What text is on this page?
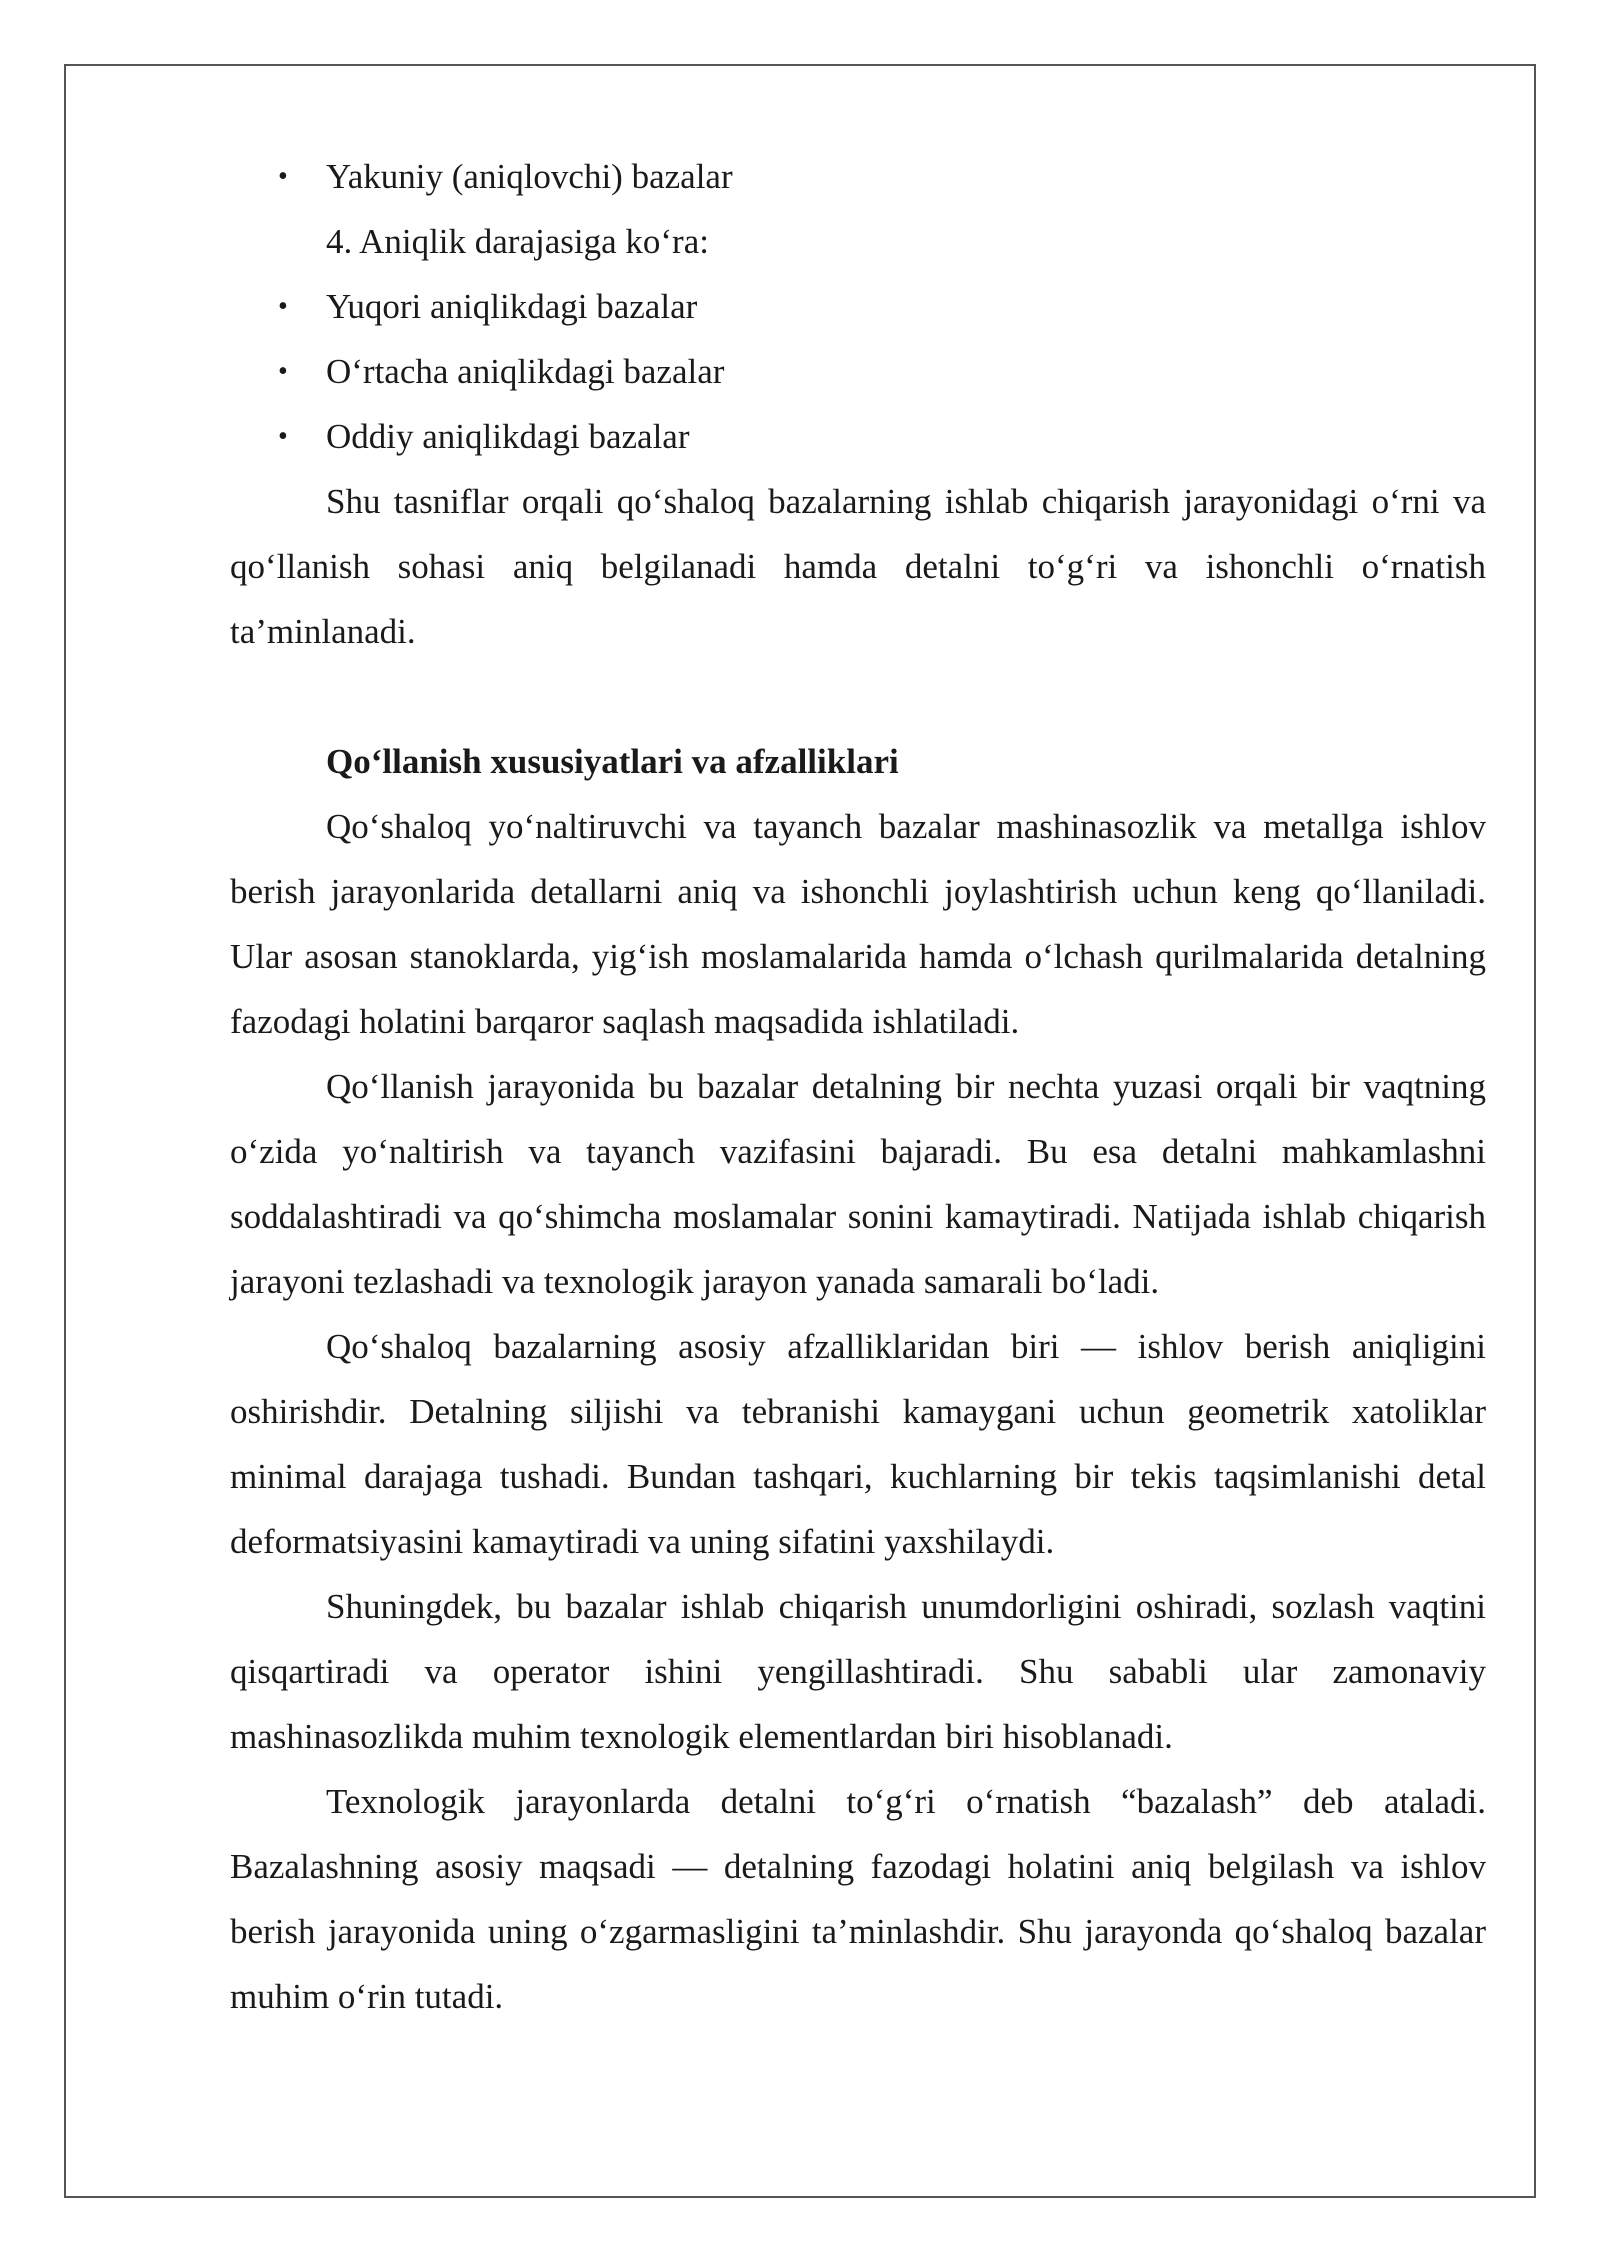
• Yakuniy (aniqlovchi) bazalar
4. Aniqlik darajasiga ko‘ra:
• Yuqori aniqlikdagi bazalar
• O‘rtacha aniqlikdagi bazalar
• Oddiy aniqlikdagi bazalar

Shu tasniflar orqali qo‘shaloq bazalarning ishlab chiqarish jarayonidagi o‘rni va qo‘llanish sohasi aniq belgilanadi hamda detalni to‘g‘ri va ishonchli o‘rnatish ta’minlanadi.

Qo‘llanish xususiyatlari va afzalliklari

Qo‘shaloq yo‘naltiruvchi va tayanch bazalar mashinasozlik va metallga ishlov berish jarayonlarida detallarni aniq va ishonchli joylashtirish uchun keng qo‘llaniladi. Ular asosan stanoklarda, yig‘ish moslamalarida hamda o‘lchash qurilmalarida detalning fazodagi holatini barqaror saqlash maqsadida ishlatiladi.

Qo‘llanish jarayonida bu bazalar detalning bir nechta yuzasi orqali bir vaqtning o‘zida yo‘naltirish va tayanch vazifasini bajaradi. Bu esa detalni mahkamlashni soddalashtiradi va qo‘shimcha moslamalar sonini kamaytiradi. Natijada ishlab chiqarish jarayoni tezlashadi va texnologik jarayon yanada samarali bo‘ladi.

Qo‘shaloq bazalarning asosiy afzalliklaridan biri — ishlov berish aniqligini oshirishdir. Detalning siljishi va tebranishi kamaygani uchun geometrik xatoliklar minimal darajaga tushadi. Bundan tashqari, kuchlarning bir tekis taqsimlanishi detal deformatsiyasini kamaytiradi va uning sifatini yaxshilaydi.

Shuningdek, bu bazalar ishlab chiqarish unumdorligini oshiradi, sozlash vaqtini qisqartiradi va operator ishini yengillashtiradi. Shu sababli ular zamonaviy mashinasozlikda muhim texnologik elementlardan biri hisoblanadi.

Texnologik jarayonlarda detalni to‘g‘ri o‘rnatish “bazalash” deb ataladi. Bazalashning asosiy maqsadi — detalning fazodagi holatini aniq belgilash va ishlov berish jarayonida uning o‘zgarmasligini ta’minlashdir. Shu jarayonda qo‘shaloq bazalar muhim o‘rin tutadi.
